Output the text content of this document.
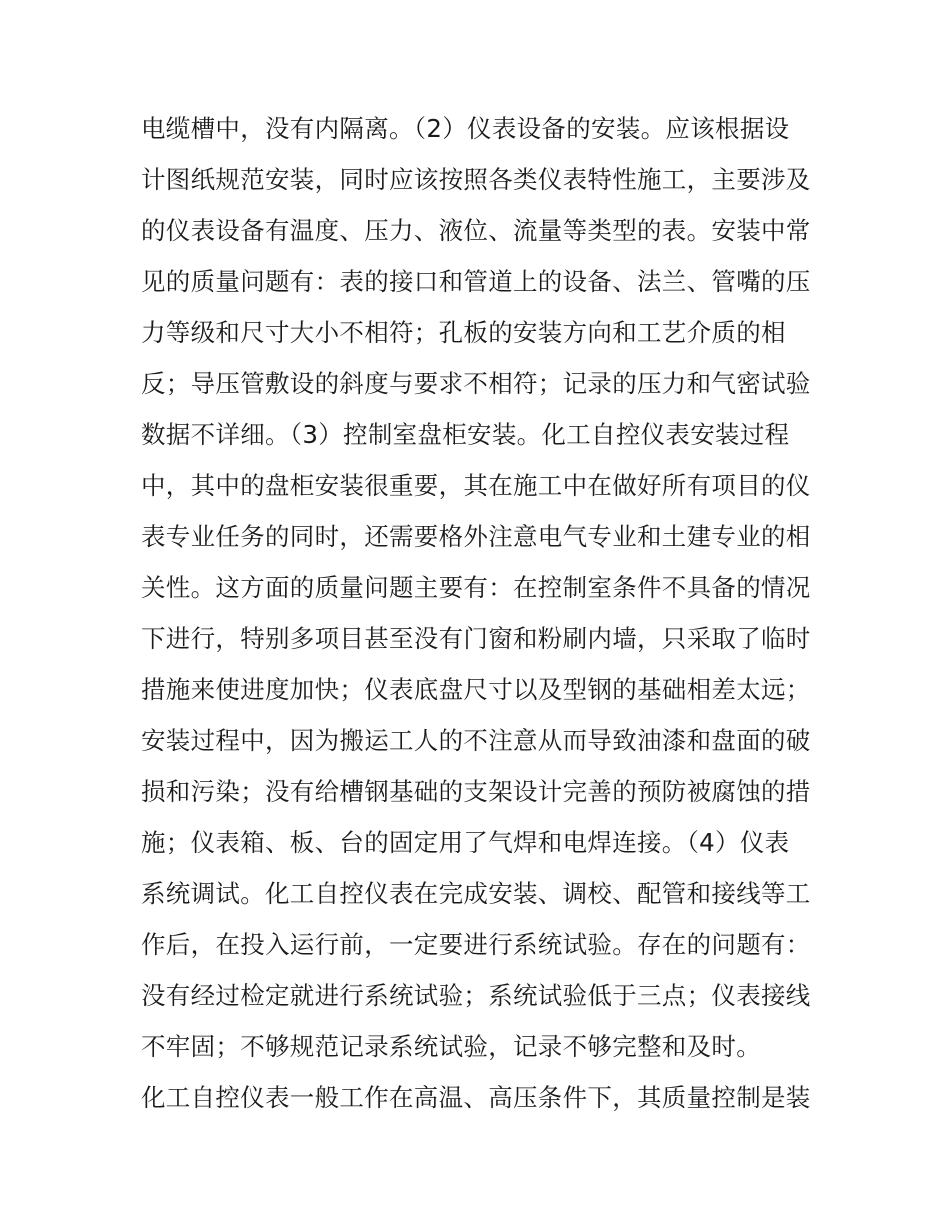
电缆槽中，没有内隔离。（2）仪表设备的安装。应该根据设
计图纸规范安装，同时应该按照各类仪表特性施工，主要涉及
的仪表设备有温度、压力、液位、流量等类型的表。安装中常
见的质量问题有：表的接口和管道上的设备、法兰、管嘴的压
力等级和尺寸大小不相符；孔板的安装方向和工艺介质的相
反；导压管敷设的斜度与要求不相符；记录的压力和气密试验
数据不详细。（3）控制室盘柜安装。化工自控仪表安装过程
中，其中的盘柜安装很重要，其在施工中在做好所有项目的仪
表专业任务的同时，还需要格外注意电气专业和土建专业的相
关性。这方面的质量问题主要有：在控制室条件不具备的情况
下进行，特别多项目甚至没有门窗和粉刷内墙，只采取了临时
措施来使进度加快；仪表底盘尺寸以及型钢的基础相差太远；
安装过程中，因为搬运工人的不注意从而导致油漆和盘面的破
损和污染；没有给槽钢基础的支架设计完善的预防被腐蚀的措
施；仪表箱、板、台的固定用了气焊和电焊连接。（4）仪表
系统调试。化工自控仪表在完成安装、调校、配管和接线等工
作后，在投入运行前，一定要进行系统试验。存在的问题有：
没有经过检定就进行系统试验；系统试验低于三点；仪表接线
不牢固；不够规范记录系统试验，记录不够完整和及时。
化工自控仪表一般工作在高温、高压条件下，其质量控制是装
